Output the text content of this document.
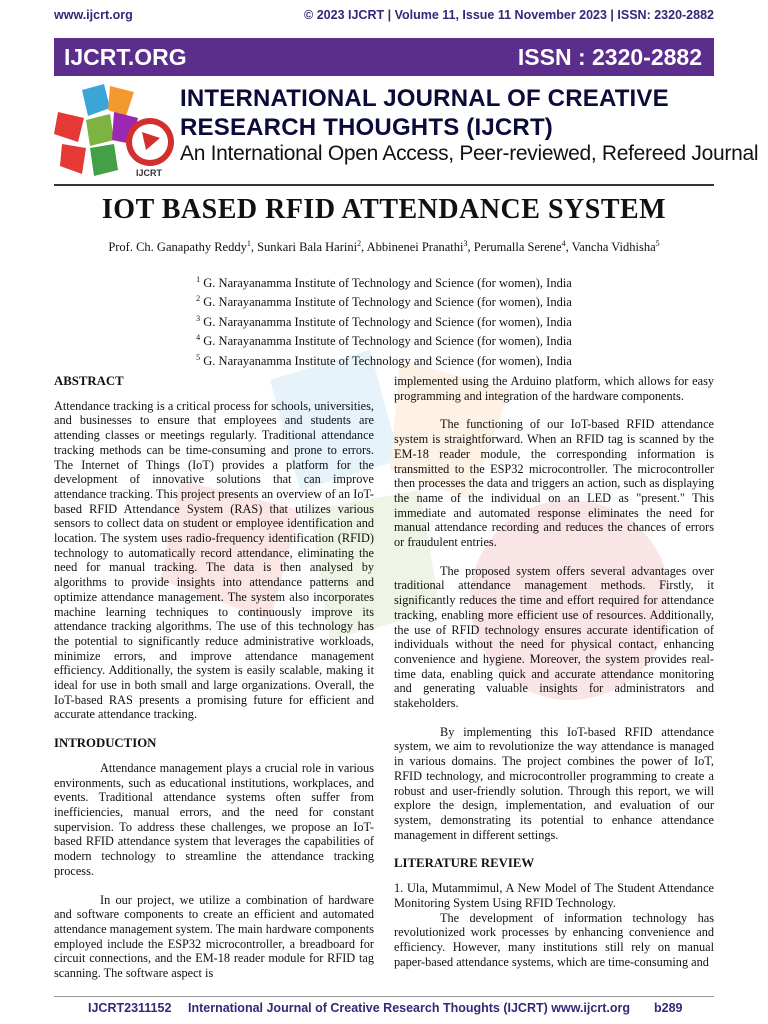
www.ijcrt.org	© 2023 IJCRT | Volume 11, Issue 11 November 2023 | ISSN: 2320-2882
IJCRT.ORG	ISSN : 2320-2882
IJCRT
INTERNATIONAL JOURNAL OF CREATIVE
RESEARCH THOUGHTS (IJCRT)
An International Open Access, Peer-reviewed, Refereed Journal
IOT BASED RFID ATTENDANCE SYSTEM
Prof. Ch. Ganapathy Reddy$^1$, Sunkari Bala Harini$^2$, Abbinenei Pranathi$^3$, Perumalla Serene$^4$, Vancha Vidhisha$^5$
$^1$ G. Narayanamma Institute of Technology and Science (for women), India
$^2$ G. Narayanamma Institute of Technology and Science (for women), India
$^3$ G. Narayanamma Institute of Technology and Science (for women), India
$^4$ G. Narayanamma Institute of Technology and Science (for women), India
$^5$ G. Narayanamma Institute of Technology and Science (for women), India
ABSTRACT

Attendance tracking is a critical process for schools, universities, and businesses to ensure that employees and students are attending classes or meetings regularly. Traditional attendance tracking methods can be time-consuming and prone to errors. The Internet of Things (IoT) provides a platform for the development of innovative solutions that can improve attendance tracking. This project presents an overview of an IoT-based RFID Attendance System (RAS) that utilizes various sensors to collect data on student or employee identification and location. The system uses radio-frequency identification (RFID) technology to automatically record attendance, eliminating the need for manual tracking. The data is then analysed by algorithms to provide insights into attendance patterns and optimize attendance management. The system also incorporates machine learning techniques to continuously improve its attendance tracking algorithms. The use of this technology has the potential to significantly reduce administrative workloads, minimize errors, and improve attendance management efficiency. Additionally, the system is easily scalable, making it ideal for use in both small and large organizations. Overall, the IoT-based RAS presents a promising future for efficient and accurate attendance tracking.

INTRODUCTION

Attendance management plays a crucial role in various environments, such as educational institutions, workplaces, and events. Traditional attendance systems often suffer from inefficiencies, manual errors, and the need for constant supervision. To address these challenges, we propose an IoT-based RFID attendance system that leverages the capabilities of modern technology to streamline the attendance tracking process.

In our project, we utilize a combination of hardware and software components to create an efficient and automated attendance management system. The main hardware components employed include the ESP32 microcontroller, a breadboard for circuit connections, and the EM-18 reader module for RFID tag scanning. The software aspect is

implemented using the Arduino platform, which allows for easy programming and integration of the hardware components.

The functioning of our IoT-based RFID attendance system is straightforward. When an RFID tag is scanned by the EM-18 reader module, the corresponding information is transmitted to the ESP32 microcontroller. The microcontroller then processes the data and triggers an action, such as displaying the name of the individual on an LED as "present." This immediate and automated response eliminates the need for manual attendance recording and reduces the chances of errors or fraudulent entries.

The proposed system offers several advantages over traditional attendance management methods. Firstly, it significantly reduces the time and effort required for attendance tracking, enabling more efficient use of resources. Additionally, the use of RFID technology ensures accurate identification of individuals without the need for physical contact, enhancing convenience and hygiene. Moreover, the system provides real-time data, enabling quick and accurate attendance monitoring and generating valuable insights for administrators and stakeholders.

By implementing this IoT-based RFID attendance system, we aim to revolutionize the way attendance is managed in various domains. The project combines the power of IoT, RFID technology, and microcontroller programming to create a robust and user-friendly solution. Through this report, we will explore the design, implementation, and evaluation of our system, demonstrating its potential to enhance attendance management in different settings.

LITERATURE REVIEW

1. Ula, Mutammimul, A New Model of The Student Attendance Monitoring System Using RFID Technology.

The development of information technology has revolutionized work processes by enhancing convenience and efficiency. However, many institutions still rely on manual paper-based attendance systems, which are time-consuming and

IJCRT2311152 International Journal of Creative Research Thoughts (IJCRT) www.ijcrt.org b289
